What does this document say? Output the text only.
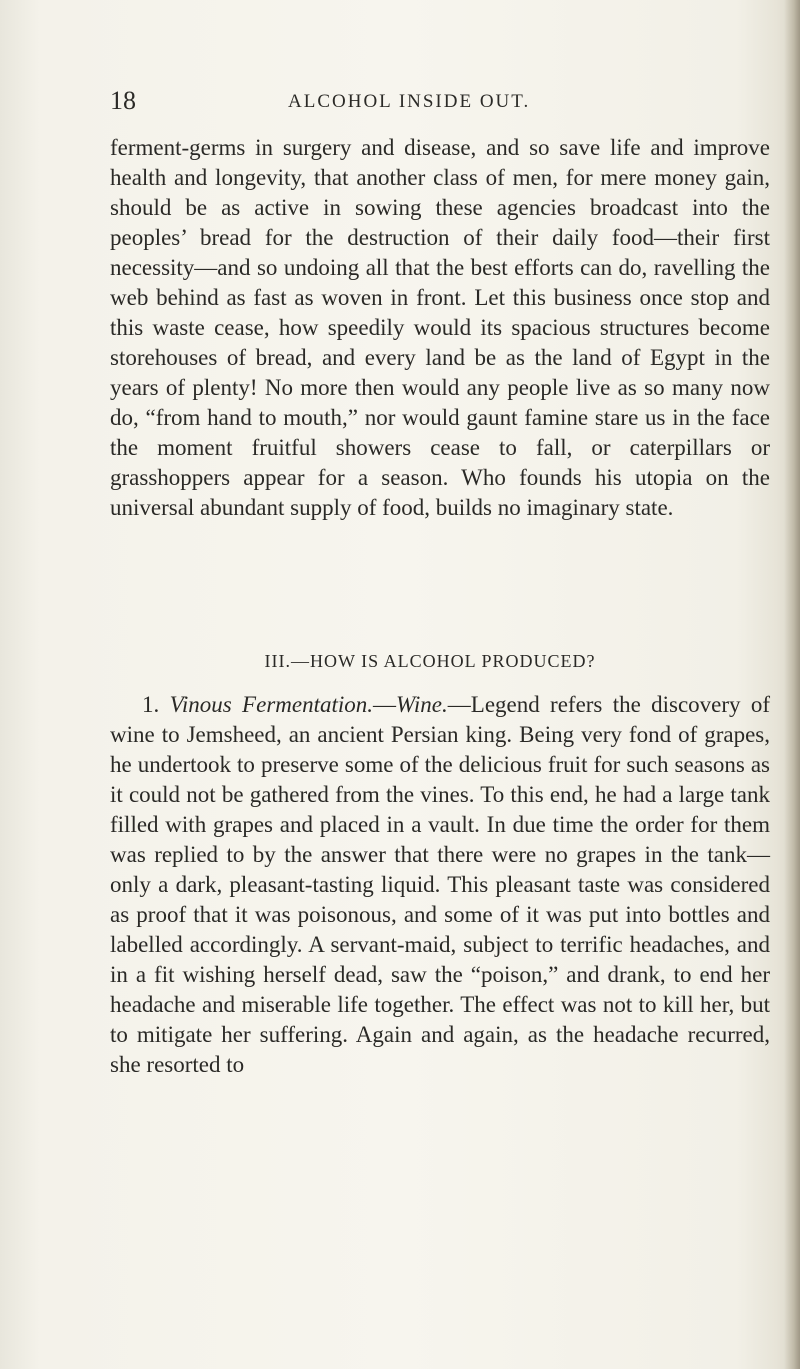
18	ALCOHOL INSIDE OUT.

ferment-germs in surgery and disease, and so save life and improve health and longevity, that another class of men, for mere money gain, should be as active in sowing these agencies broadcast into the peoples’ bread for the destruction of their daily food—their first necessity—and so undoing all that the best efforts can do, ravelling the web behind as fast as woven in front. Let this business once stop and this waste cease, how speedily would its spacious structures become storehouses of bread, and every land be as the land of Egypt in the years of plenty! No more then would any people live as so many now do, “from hand to mouth,” nor would gaunt famine stare us in the face the moment fruitful showers cease to fall, or caterpillars or grasshoppers appear for a season. Who founds his utopia on the universal abundant supply of food, builds no imaginary state.

III.—HOW IS ALCOHOL PRODUCED?
1. Vinous Fermentation.—Wine.—Legend refers the discovery of wine to Jemsheed, an ancient Persian king. Being very fond of grapes, he undertook to preserve some of the delicious fruit for such seasons as it could not be gathered from the vines. To this end, he had a large tank filled with grapes and placed in a vault. In due time the order for them was replied to by the answer that there were no grapes in the tank—only a dark, pleasant-tasting liquid. This pleasant taste was considered as proof that it was poisonous, and some of it was put into bottles and labelled accordingly. A servant-maid, subject to terrific headaches, and in a fit wishing herself dead, saw the “poison,” and drank, to end her headache and miserable life together. The effect was not to kill her, but to mitigate her suffering. Again and again, as the headache recurred, she resorted to
